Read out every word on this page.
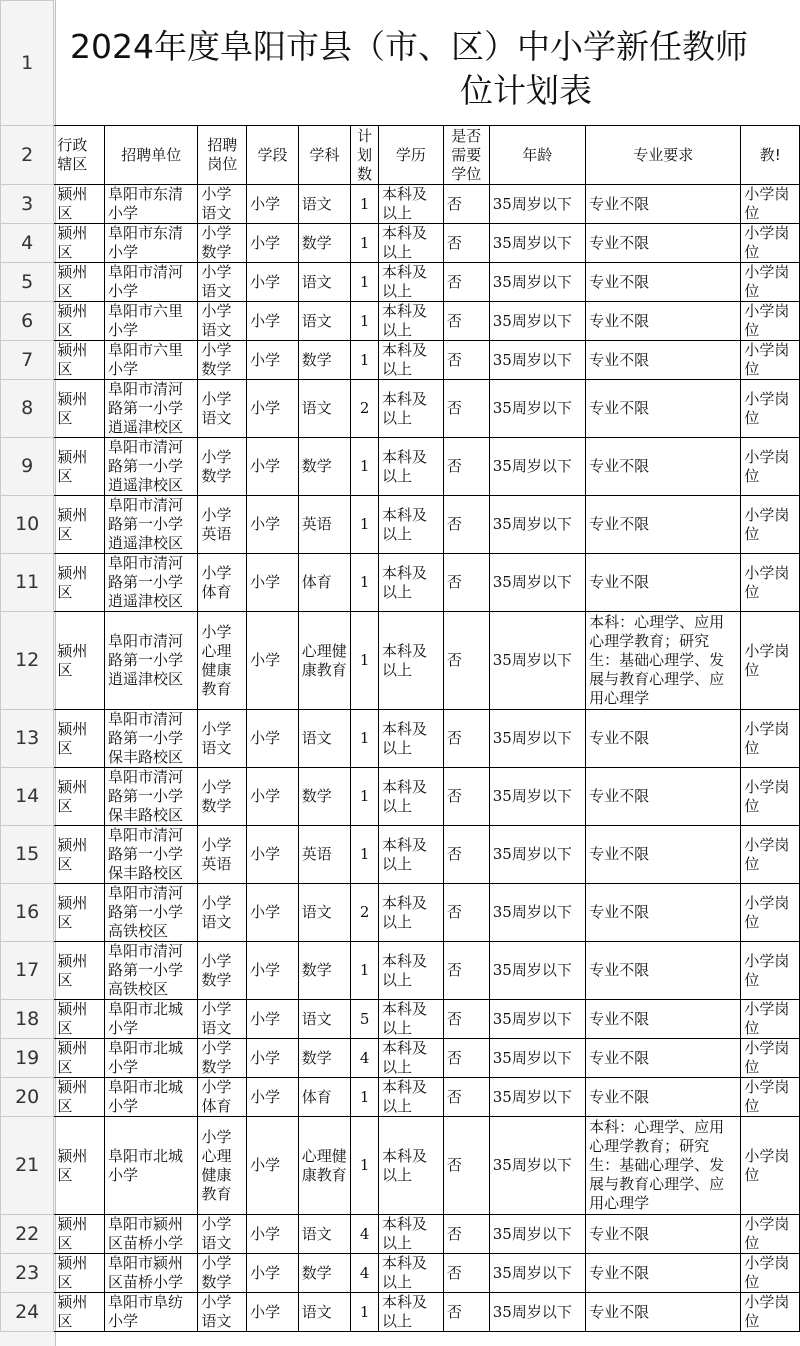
1											
2	行政辖区	招聘单位	招聘岗位	学段	学科	计划数	学历	是否需要学位	年龄	专业要求	教!
3	颍州区	阜阳市东清小学	小学语文	小学	语文	1	本科及以上	否	35周岁以下	专业不限	小学岗位
4	颍州区	阜阳市东清小学	小学数学	小学	数学	1	本科及以上	否	35周岁以下	专业不限	小学岗位
5	颍州区	阜阳市清河小学	小学语文	小学	语文	1	本科及以上	否	35周岁以下	专业不限	小学岗位
6	颍州区	阜阳市六里小学	小学语文	小学	语文	1	本科及以上	否	35周岁以下	专业不限	小学岗位
7	颍州区	阜阳市六里小学	小学数学	小学	数学	1	本科及以上	否	35周岁以下	专业不限	小学岗位
8	颍州区	阜阳市清河路第一小学逍遥津校区	小学语文	小学	语文	2	本科及以上	否	35周岁以下	专业不限	小学岗位
9	颍州区	阜阳市清河路第一小学逍遥津校区	小学数学	小学	数学	1	本科及以上	否	35周岁以下	专业不限	小学岗位
10	颍州区	阜阳市清河路第一小学逍遥津校区	小学英语	小学	英语	1	本科及以上	否	35周岁以下	专业不限	小学岗位
11	颍州区	阜阳市清河路第一小学逍遥津校区	小学体育	小学	体育	1	本科及以上	否	35周岁以下	专业不限	小学岗位
12	颍州区	阜阳市清河路第一小学逍遥津校区	小学心理健康教育	小学	心理健康教育	1	本科及以上	否	35周岁以下	本科：心理学、应用心理学教育；研究生：基础心理学、发展与教育心理学、应用心理学	小学岗位
13	颍州区	阜阳市清河路第一小学保丰路校区	小学语文	小学	语文	1	本科及以上	否	35周岁以下	专业不限	小学岗位
14	颍州区	阜阳市清河路第一小学保丰路校区	小学数学	小学	数学	1	本科及以上	否	35周岁以下	专业不限	小学岗位
15	颍州区	阜阳市清河路第一小学保丰路校区	小学英语	小学	英语	1	本科及以上	否	35周岁以下	专业不限	小学岗位
16	颍州区	阜阳市清河路第一小学高铁校区	小学语文	小学	语文	2	本科及以上	否	35周岁以下	专业不限	小学岗位
17	颍州区	阜阳市清河路第一小学高铁校区	小学数学	小学	数学	1	本科及以上	否	35周岁以下	专业不限	小学岗位
18	颍州区	阜阳市北城小学	小学语文	小学	语文	5	本科及以上	否	35周岁以下	专业不限	小学岗位
19	颍州区	阜阳市北城小学	小学数学	小学	数学	4	本科及以上	否	35周岁以下	专业不限	小学岗位
20	颍州区	阜阳市北城小学	小学体育	小学	体育	1	本科及以上	否	35周岁以下	专业不限	小学岗位
21	颍州区	阜阳市北城小学	小学心理健康教育	小学	心理健康教育	1	本科及以上	否	35周岁以下	本科：心理学、应用心理学教育；研究生：基础心理学、发展与教育心理学、应用心理学	小学岗位
22	颍州区	阜阳市颍州区苗桥小学	小学语文	小学	语文	4	本科及以上	否	35周岁以下	专业不限	小学岗位
23	颍州区	阜阳市颍州区苗桥小学	小学数学	小学	数学	4	本科及以上	否	35周岁以下	专业不限	小学岗位
24	颍州区	阜阳市阜纺小学	小学语文	小学	语文	1	本科及以上	否	35周岁以下	专业不限	小学岗位
2024年度阜阳市县（市、区）中小学新任教师
位计划表
